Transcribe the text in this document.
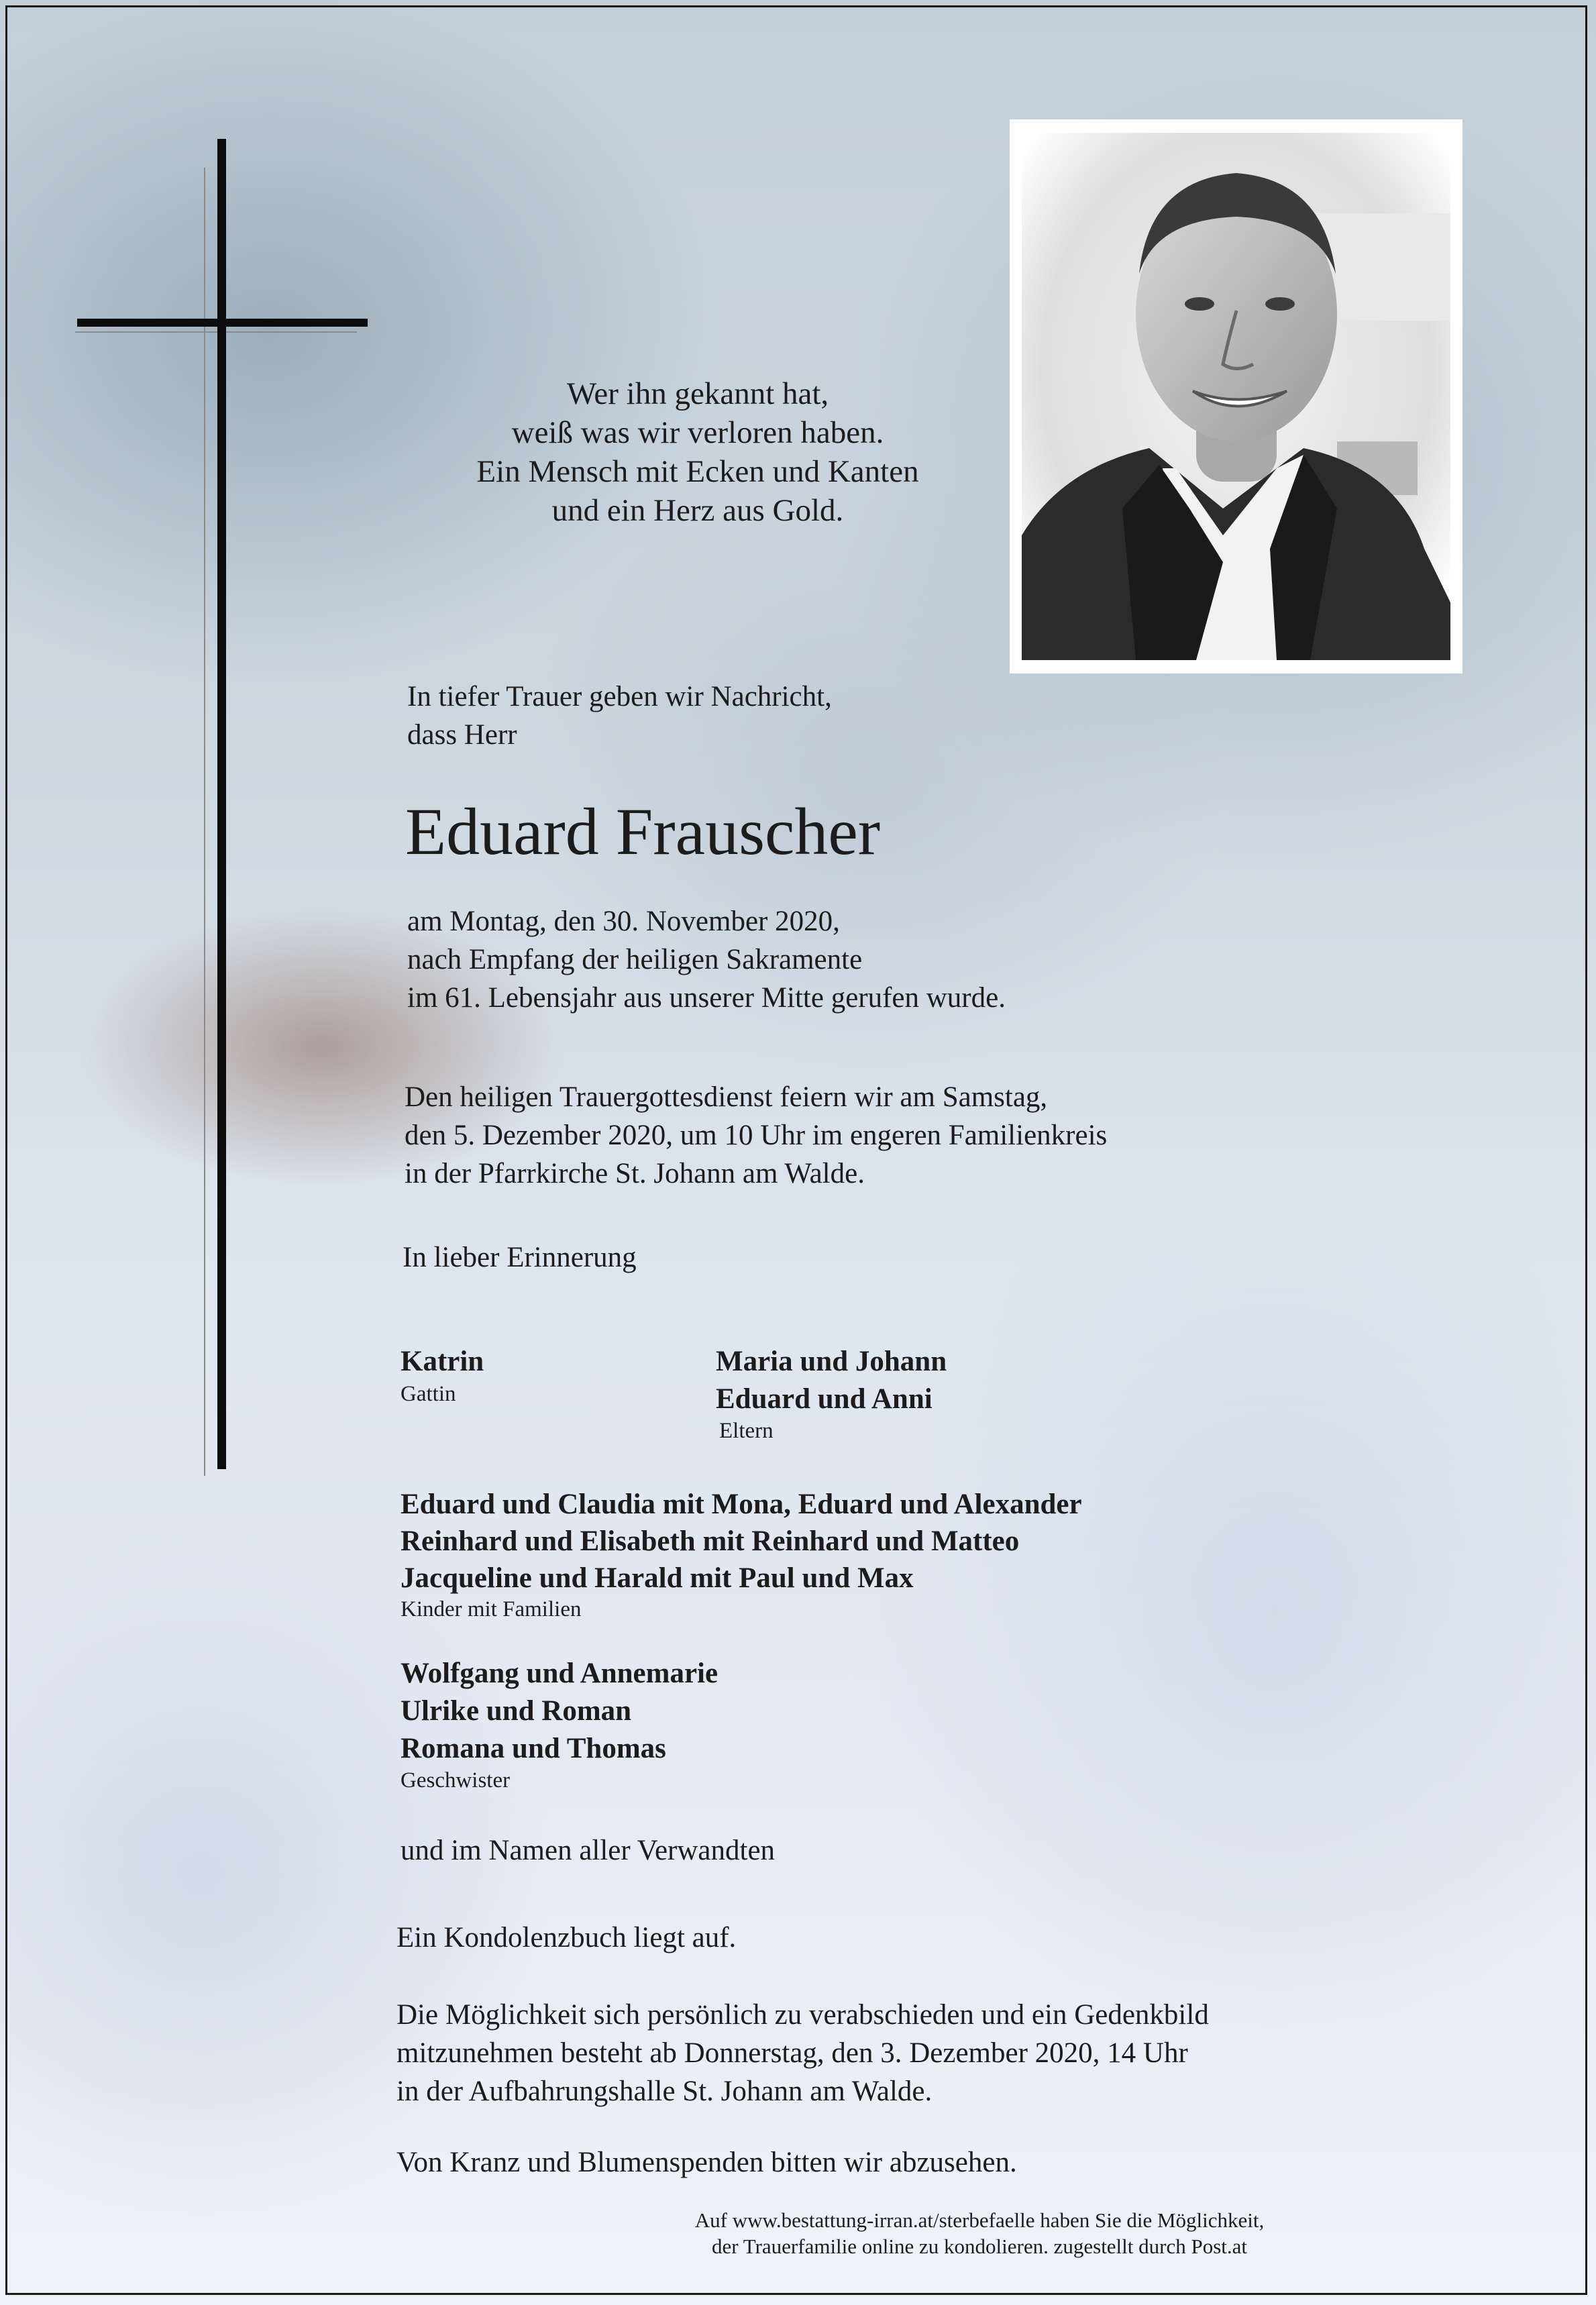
Wer ihn gekannt hat,
weiß was wir verloren haben.
Ein Mensch mit Ecken und Kanten
und ein Herz aus Gold.
In tiefer Trauer geben wir Nachricht,
dass Herr
Eduard Frauscher
am Montag, den 30. November 2020,
nach Empfang der heiligen Sakramente
im 61. Lebensjahr aus unserer Mitte gerufen wurde.
Den heiligen Trauergottesdienst feiern wir am Samstag,
den 5. Dezember 2020, um 10 Uhr im engeren Familienkreis
in der Pfarrkirche St. Johann am Walde.
In lieber Erinnerung
Katrin
Gattin
Maria und Johann
Eduard und Anni
Eltern
Eduard und Claudia mit Mona, Eduard und Alexander
Reinhard und Elisabeth mit Reinhard und Matteo
Jacqueline und Harald mit Paul und Max
Kinder mit Familien
Wolfgang und Annemarie
Ulrike und Roman
Romana und Thomas
Geschwister
und im Namen aller Verwandten
Ein Kondolenzbuch liegt auf.
Die Möglichkeit sich persönlich zu verabschieden und ein Gedenkbild
mitzunehmen besteht ab Donnerstag, den 3. Dezember 2020, 14 Uhr
in der Aufbahrungshalle St. Johann am Walde.
Von Kranz und Blumenspenden bitten wir abzusehen.
Auf www.bestattung-irran.at/sterbefaelle haben Sie die Möglichkeit,
der Trauerfamilie online zu kondolieren. zugestellt durch Post.at
